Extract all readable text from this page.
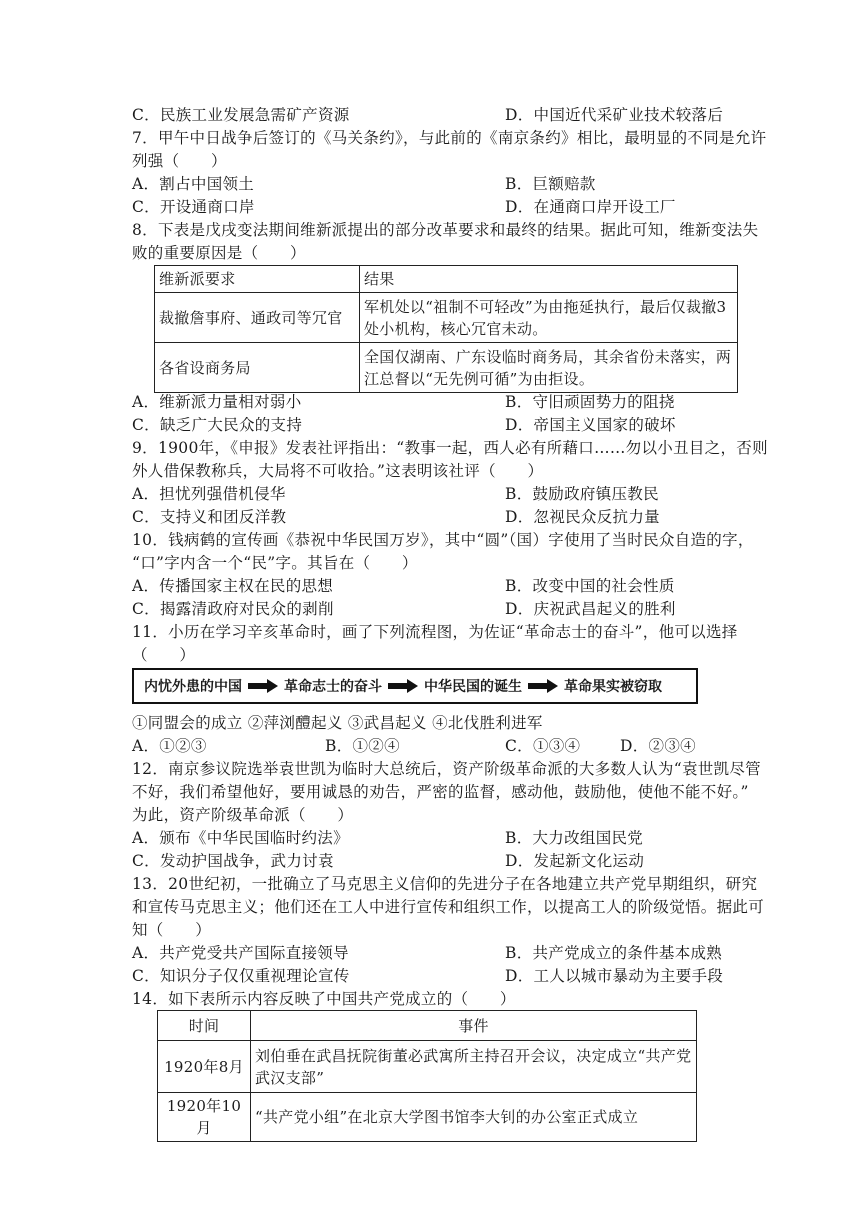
C．民族工业发展急需矿产资源	D．中国近代采矿业技术较落后
7．甲午中日战争后签订的《马关条约》，与此前的《南京条约》相比，最明显的不同是允许
列强（　　）
A．割占中国领土	B．巨额赔款
C．开设通商口岸	D．在通商口岸开设工厂
8．下表是戊戌变法期间维新派提出的部分改革要求和最终的结果。据此可知，维新变法失
败的重要原因是（　　）
维新派要求	结果
裁撤詹事府、通政司等冗官	军机处以“祖制不可轻改”为由拖延执行，最后仅裁撤3处小机构，核心冗官未动。
各省设商务局	全国仅湖南、广东设临时商务局，其余省份未落实，两江总督以“无先例可循”为由拒设。
A．维新派力量相对弱小	B．守旧顽固势力的阻挠
C．缺乏广大民众的支持	D．帝国主义国家的破坏
9．1900年，《申报》发表社评指出：“教事一起，西人必有所藉口……勿以小丑目之，否则
外人借保教称兵，大局将不可收拾。”这表明该社评（　　）
A．担忧列强借机侵华	B．鼓励政府镇压教民
C．支持义和团反洋教	D．忽视民众反抗力量
10．钱病鹤的宣传画《恭祝中华民国万岁》，其中“圆”（国）字使用了当时民众自造的字，
“口”字内含一个“民”字。其旨在（　　）
A．传播国家主权在民的思想	B．改变中国的社会性质
C．揭露清政府对民众的剥削	D．庆祝武昌起义的胜利
11．小历在学习辛亥革命时，画了下列流程图，为佐证“革命志士的奋斗”，他可以选择
（　　）
内忧外患的中国	革命志士的奋斗	中华民国的诞生	革命果实被窃取
①同盟会的成立 ②萍浏醴起义 ③武昌起义 ④北伐胜利进军
A．①②③	B．①②④	C．①③④	D．②③④
12．南京参议院选举袁世凯为临时大总统后，资产阶级革命派的大多数人认为“袁世凯尽管
不好，我们希望他好，要用诚恳的劝告，严密的监督，感动他，鼓励他，使他不能不好。”
为此，资产阶级革命派（　　）
A．颁布《中华民国临时约法》	B．大力改组国民党
C．发动护国战争，武力讨袁	D．发起新文化运动
13．20世纪初，一批确立了马克思主义信仰的先进分子在各地建立共产党早期组织，研究
和宣传马克思主义；他们还在工人中进行宣传和组织工作，以提高工人的阶级觉悟。据此可
知（　　）
A．共产党受共产国际直接领导	B．共产党成立的条件基本成熟
C．知识分子仅仅重视理论宣传	D．工人以城市暴动为主要手段
14．如下表所示内容反映了中国共产党成立的（　　）
时间	事件
1920年8月	刘伯垂在武昌抚院街董必武寓所主持召开会议，决定成立“共产党武汉支部”
1920年10月	“共产党小组”在北京大学图书馆李大钊的办公室正式成立
